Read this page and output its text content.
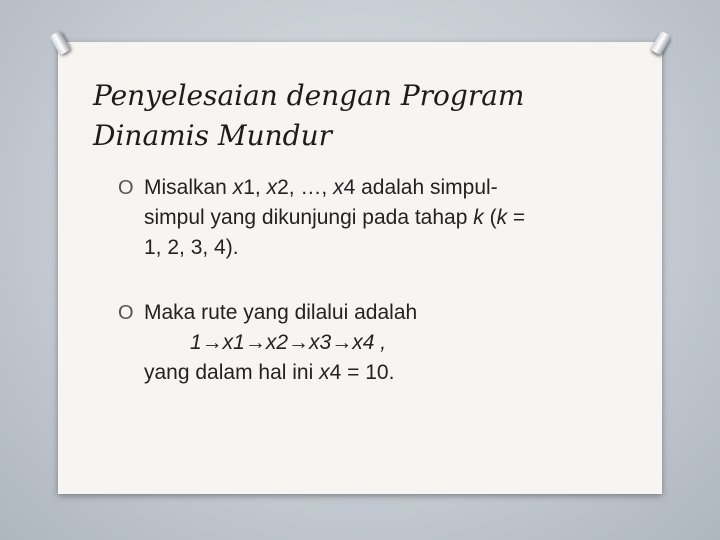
Penyelesaian dengan Program
Dinamis Mundur
O Misalkan x1, x2, …, x4 adalah simpul-
simpul yang dikunjungi pada tahap k (k =
1, 2, 3, 4).
O Maka rute yang dilalui adalah
1→x1→x2→x3→x4 ,
yang dalam hal ini x4 = 10.
